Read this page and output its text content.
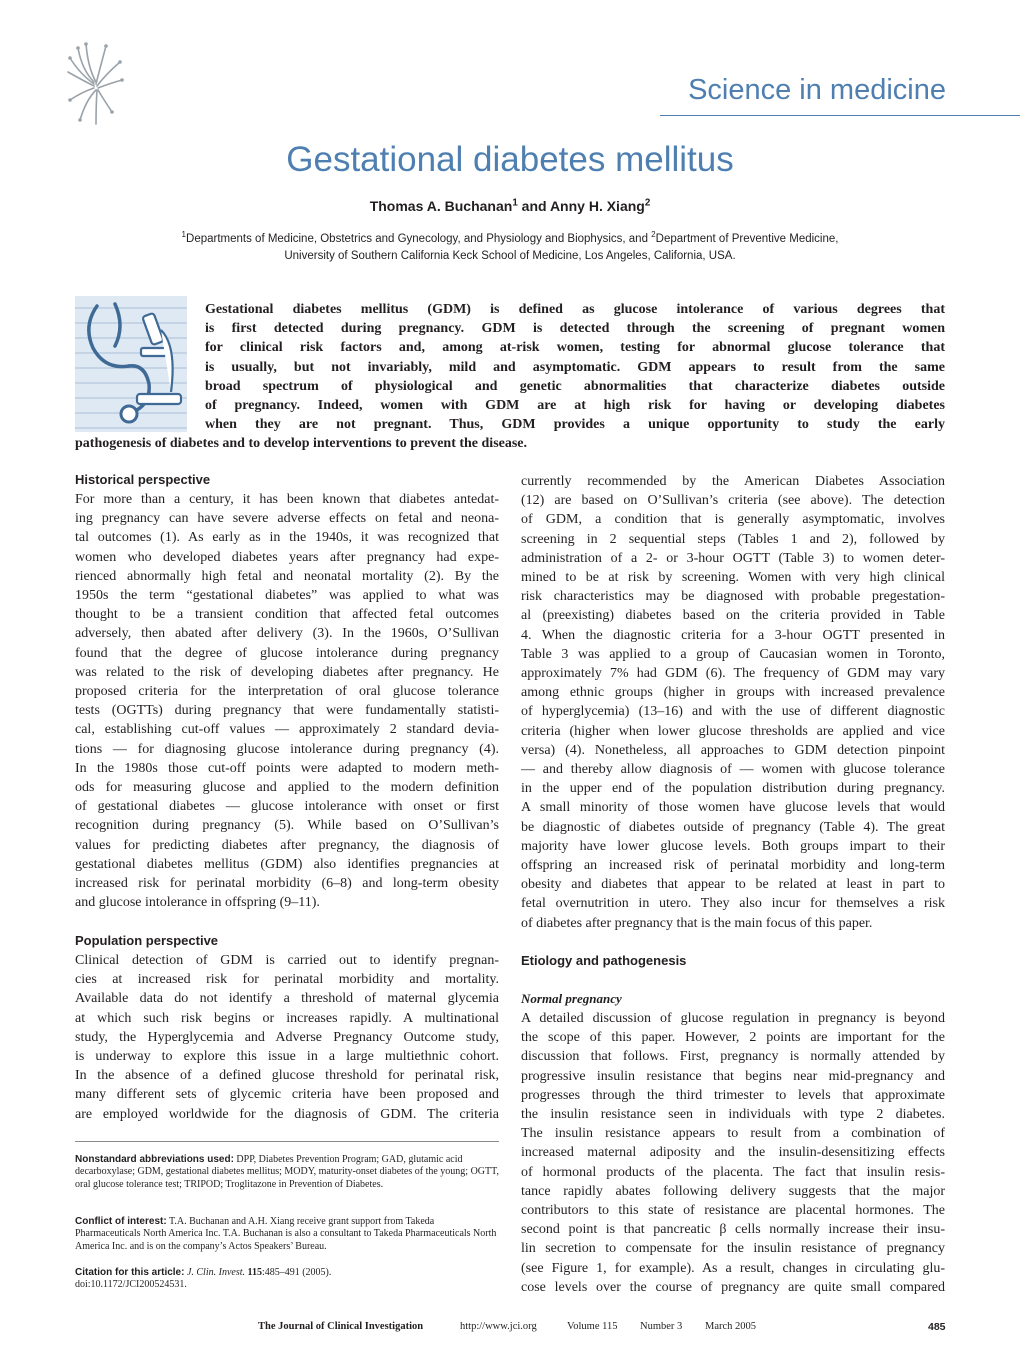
Science in medicine
Gestational diabetes mellitus
Thomas A. Buchanan$^1$ and Anny H. Xiang$^2$
$^1$Departments of Medicine, Obstetrics and Gynecology, and Physiology and Biophysics, and $^2$Department of Preventive Medicine,
University of Southern California Keck School of Medicine, Los Angeles, California, USA.
Gestational diabetes mellitus (GDM) is defined as glucose intolerance of various degrees that
is first detected during pregnancy. GDM is detected through the screening of pregnant women
for clinical risk factors and, among at-risk women, testing for abnormal glucose tolerance that
is usually, but not invariably, mild and asymptomatic. GDM appears to result from the same
broad spectrum of physiological and genetic abnormalities that characterize diabetes outside
of pregnancy. Indeed, women with GDM are at high risk for having or developing diabetes
when they are not pregnant. Thus, GDM provides a unique opportunity to study the early
pathogenesis of diabetes and to develop interventions to prevent the disease.
Historical perspective

For more than a century, it has been known that diabetes antedat-

ing pregnancy can have severe adverse effects on fetal and neona-

tal outcomes (1). As early as in the 1940s, it was recognized that

women who developed diabetes years after pregnancy had expe-

rienced abnormally high fetal and neonatal mortality (2). By the

1950s the term “gestational diabetes” was applied to what was

thought to be a transient condition that affected fetal outcomes

adversely, then abated after delivery (3). In the 1960s, O’Sullivan

found that the degree of glucose intolerance during pregnancy

was related to the risk of developing diabetes after pregnancy. He

proposed criteria for the interpretation of oral glucose tolerance

tests (OGTTs) during pregnancy that were fundamentally statisti-

cal, establishing cut-off values — approximately 2 standard devia-

tions — for diagnosing glucose intolerance during pregnancy (4).

In the 1980s those cut-off points were adapted to modern meth-

ods for measuring glucose and applied to the modern definition

of gestational diabetes — glucose intolerance with onset or first

recognition during pregnancy (5). While based on O’Sullivan’s

values for predicting diabetes after pregnancy, the diagnosis of

gestational diabetes mellitus (GDM) also identifies pregnancies at

increased risk for perinatal morbidity (6–8) and long-term obesity

and glucose intolerance in offspring (9–11).

Population perspective

Clinical detection of GDM is carried out to identify pregnan-

cies at increased risk for perinatal morbidity and mortality.

Available data do not identify a threshold of maternal glycemia

at which such risk begins or increases rapidly. A multinational

study, the Hyperglycemia and Adverse Pregnancy Outcome study,

is underway to explore this issue in a large multiethnic cohort.

In the absence of a defined glucose threshold for perinatal risk,

many different sets of glycemic criteria have been proposed and

are employed worldwide for the diagnosis of GDM. The criteria

Nonstandard abbreviations used: DPP, Diabetes Prevention Program; GAD, glutamic acid decarboxylase; GDM, gestational diabetes mellitus; MODY, maturity-onset diabetes of the young; OGTT, oral glucose tolerance test; TRIPOD; Troglitazone in Prevention of Diabetes.
Conflict of interest: T.A. Buchanan and A.H. Xiang receive grant support from Takeda Pharmaceuticals North America Inc. T.A. Buchanan is also a consultant to Takeda Pharmaceuticals North America Inc. and is on the company’s Actos Speakers’ Bureau.
Citation for this article: J. Clin. Invest. 115:485–491 (2005).
doi:10.1172/JCI200524531.

currently recommended by the American Diabetes Association

(12) are based on O’Sullivan’s criteria (see above). The detection

of GDM, a condition that is generally asymptomatic, involves

screening in 2 sequential steps (Tables 1 and 2), followed by

administration of a 2- or 3-hour OGTT (Table 3) to women deter-

mined to be at risk by screening. Women with very high clinical

risk characteristics may be diagnosed with probable pregestation-

al (preexisting) diabetes based on the criteria provided in Table

4. When the diagnostic criteria for a 3-hour OGTT presented in

Table 3 was applied to a group of Caucasian women in Toronto,

approximately 7% had GDM (6). The frequency of GDM may vary

among ethnic groups (higher in groups with increased prevalence

of hyperglycemia) (13–16) and with the use of different diagnostic

criteria (higher when lower glucose thresholds are applied and vice

versa) (4). Nonetheless, all approaches to GDM detection pinpoint

— and thereby allow diagnosis of — women with glucose tolerance

in the upper end of the population distribution during pregnancy.

A small minority of those women have glucose levels that would

be diagnostic of diabetes outside of pregnancy (Table 4). The great

majority have lower glucose levels. Both groups impart to their

offspring an increased risk of perinatal morbidity and long-term

obesity and diabetes that appear to be related at least in part to

fetal overnutrition in utero. They also incur for themselves a risk

of diabetes after pregnancy that is the main focus of this paper.

Etiology and pathogenesis
Normal pregnancy

A detailed discussion of glucose regulation in pregnancy is beyond

the scope of this paper. However, 2 points are important for the

discussion that follows. First, pregnancy is normally attended by

progressive insulin resistance that begins near mid-pregnancy and

progresses through the third trimester to levels that approximate

the insulin resistance seen in individuals with type 2 diabetes.

The insulin resistance appears to result from a combination of

increased maternal adiposity and the insulin-desensitizing effects

of hormonal products of the placenta. The fact that insulin resis-

tance rapidly abates following delivery suggests that the major

contributors to this state of resistance are placental hormones. The

second point is that pancreatic β cells normally increase their insu-

lin secretion to compensate for the insulin resistance of pregnancy

(see Figure 1, for example). As a result, changes in circulating glu-

cose levels over the course of pregnancy are quite small compared

The Journal of Clinical Investigation	http://www.jci.org	Volume 115 Number 3 March 2005	485
